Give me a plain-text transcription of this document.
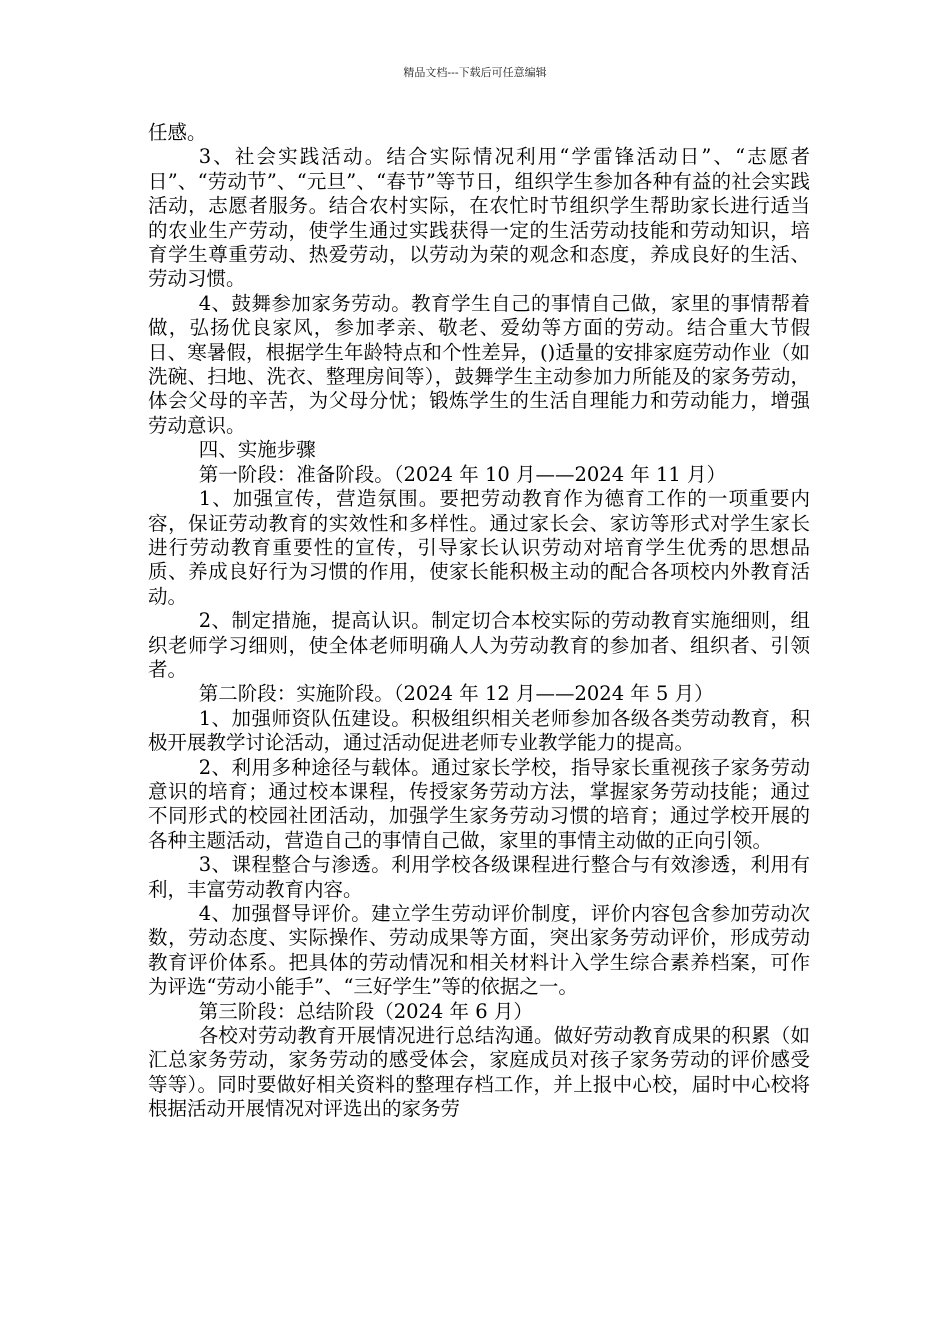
精品文档---下载后可任意编辑

任感。

3、社会实践活动。结合实际情况利用“学雷锋活动日”、“志愿者日”、“劳动节”、“元旦”、“春节”等节日，组织学生参加各种有益的社会实践活动，志愿者服务。结合农村实际，在农忙时节组织学生帮助家长进行适当的农业生产劳动，使学生通过实践获得一定的生活劳动技能和劳动知识，培育学生尊重劳动、热爱劳动，以劳动为荣的观念和态度，养成良好的生活、劳动习惯。

4、鼓舞参加家务劳动。教育学生自己的事情自己做，家里的事情帮着做，弘扬优良家风，参加孝亲、敬老、爱幼等方面的劳动。结合重大节假日、寒暑假，根据学生年龄特点和个性差异，()适量的安排家庭劳动作业（如洗碗、扫地、洗衣、整理房间等），鼓舞学生主动参加力所能及的家务劳动，体会父母的辛苦，为父母分忧；锻炼学生的生活自理能力和劳动能力，增强劳动意识。

四、实施步骤

第一阶段：准备阶段。（2024 年 10 月——2024 年 11 月）

1、加强宣传，营造氛围。要把劳动教育作为德育工作的一项重要内容，保证劳动教育的实效性和多样性。通过家长会、家访等形式对学生家长进行劳动教育重要性的宣传，引导家长认识劳动对培育学生优秀的思想品质、养成良好行为习惯的作用，使家长能积极主动的配合各项校内外教育活动。

2、制定措施，提高认识。制定切合本校实际的劳动教育实施细则，组织老师学习细则，使全体老师明确人人为劳动教育的参加者、组织者、引领者。

第二阶段：实施阶段。（2024 年 12 月——2024 年 5 月）

1、加强师资队伍建设。积极组织相关老师参加各级各类劳动教育，积极开展教学讨论活动，通过活动促进老师专业教学能力的提高。

2、利用多种途径与载体。通过家长学校，指导家长重视孩子家务劳动意识的培育；通过校本课程，传授家务劳动方法，掌握家务劳动技能；通过不同形式的校园社团活动，加强学生家务劳动习惯的培育；通过学校开展的各种主题活动，营造自己的事情自己做，家里的事情主动做的正向引领。

3、课程整合与渗透。利用学校各级课程进行整合与有效渗透，利用有利，丰富劳动教育内容。

4、加强督导评价。建立学生劳动评价制度，评价内容包含参加劳动次数，劳动态度、实际操作、劳动成果等方面，突出家务劳动评价，形成劳动教育评价体系。把具体的劳动情况和相关材料计入学生综合素养档案，可作为评选“劳动小能手”、“三好学生”等的依据之一。

第三阶段：总结阶段（2024 年 6 月）

各校对劳动教育开展情况进行总结沟通。做好劳动教育成果的积累（如汇总家务劳动，家务劳动的感受体会，家庭成员对孩子家务劳动的评价感受等等）。同时要做好相关资料的整理存档工作，并上报中心校，届时中心校将根据活动开展情况对评选出的家务劳
